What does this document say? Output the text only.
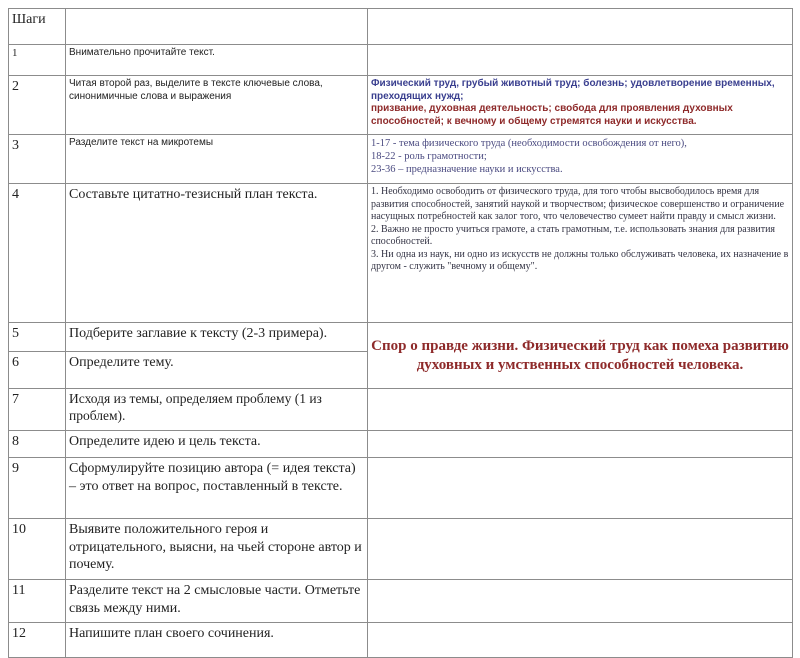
Шаги		
1	Внимательно прочитайте текст.	
2	Читая второй раз, выделите в тексте ключевые слова, синонимичные слова и выражения	Физический труд, грубый животный труд; болезнь; удовлетворение временных, преходящих нужд;
призвание, духовная деятельность; свобода для проявления духовных способностей; к вечному и общему стремятся науки и искусства.

3	Разделите текст на микротемы	1-17 - тема физического труда (необходимости освобождения от него),
18-22 - роль грамотности;
23-36 – предназначение науки и искусства.

4	Составьте цитатно-тезисный план текста.	1. Необходимо освободить от физического труда, для того чтобы высвободилось время для развития способностей, занятий наукой и творчеством; физическое совершенство и ограничение насущных потребностей как залог того, что человечество сумеет найти правду и смысл жизни.
2. Важно не просто учиться грамоте, а стать грамотным, т.е. использовать знания для развития способностей.
3. Ни одна из наук, ни одно из искусств не должны только обслуживать человека, их назначение в другом - служить "вечному и общему".

5	Подберите заглавие к тексту (2-3 примера).	Спор о правде жизни. Физический труд как помеха развитию духовных и умственных способностей человека.
6	Определите тему.	
7	Исходя из темы, определяем проблему (1 из проблем).	
8	Определите идею и цель текста.	
9	Сформулируйте позицию автора (= идея текста) – это ответ на вопрос, поставленный в тексте.	
10	Выявите положительного героя и отрицательного, выясни, на чьей стороне автор и почему.	
11	Разделите текст на 2 смысловые части. Отметьте связь между ними.	
12	Напишите план своего сочинения.	
